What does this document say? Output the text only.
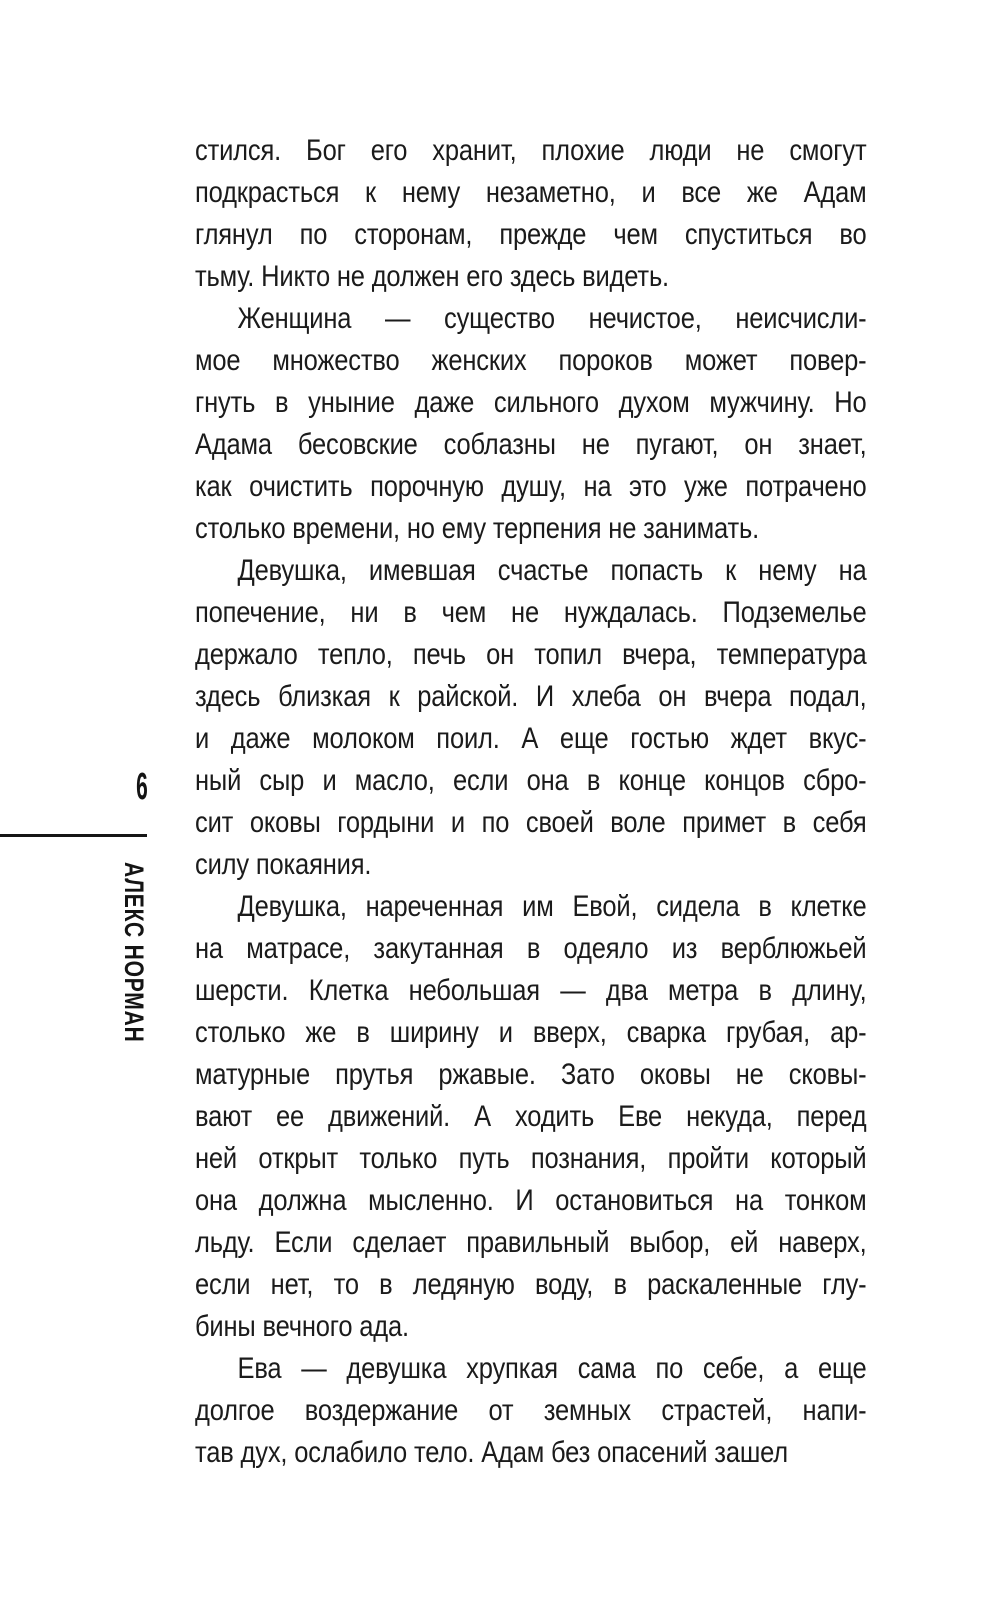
6
АЛЕКС НОРМАН
стился. Бог его хранит, плохие люди не смогут
подкрасться к нему незаметно, и все же Адам
глянул по сторонам, прежде чем спуститься во
тьму. Никто не должен его здесь видеть.
Женщина — существо нечистое, неисчисли-
мое множество женских пороков может повер-
гнуть в уныние даже сильного духом мужчину. Но
Адама бесовские соблазны не пугают, он знает,
как очистить порочную душу, на это уже потрачено
столько времени, но ему терпения не занимать.
Девушка, имевшая счастье попасть к нему на
попечение, ни в чем не нуждалась. Подземелье
держало тепло, печь он топил вчера, температура
здесь близкая к райской. И хлеба он вчера подал,
и даже молоком поил. А еще гостью ждет вкус-
ный сыр и масло, если она в конце концов сбро-
сит оковы гордыни и по своей воле примет в себя
силу покаяния.
Девушка, нареченная им Евой, сидела в клетке
на матрасе, закутанная в одеяло из верблюжьей
шерсти. Клетка небольшая — два метра в длину,
столько же в ширину и вверх, сварка грубая, ар-
матурные прутья ржавые. Зато оковы не сковы-
вают ее движений. А ходить Еве некуда, перед
ней открыт только путь познания, пройти который
она должна мысленно. И остановиться на тонком
льду. Если сделает правильный выбор, ей наверх,
если нет, то в ледяную воду, в раскаленные глу-
бины вечного ада.
Ева — девушка хрупкая сама по себе, а еще
долгое воздержание от земных страстей, напи-
тав дух, ослабило тело. Адам без опасений зашел
